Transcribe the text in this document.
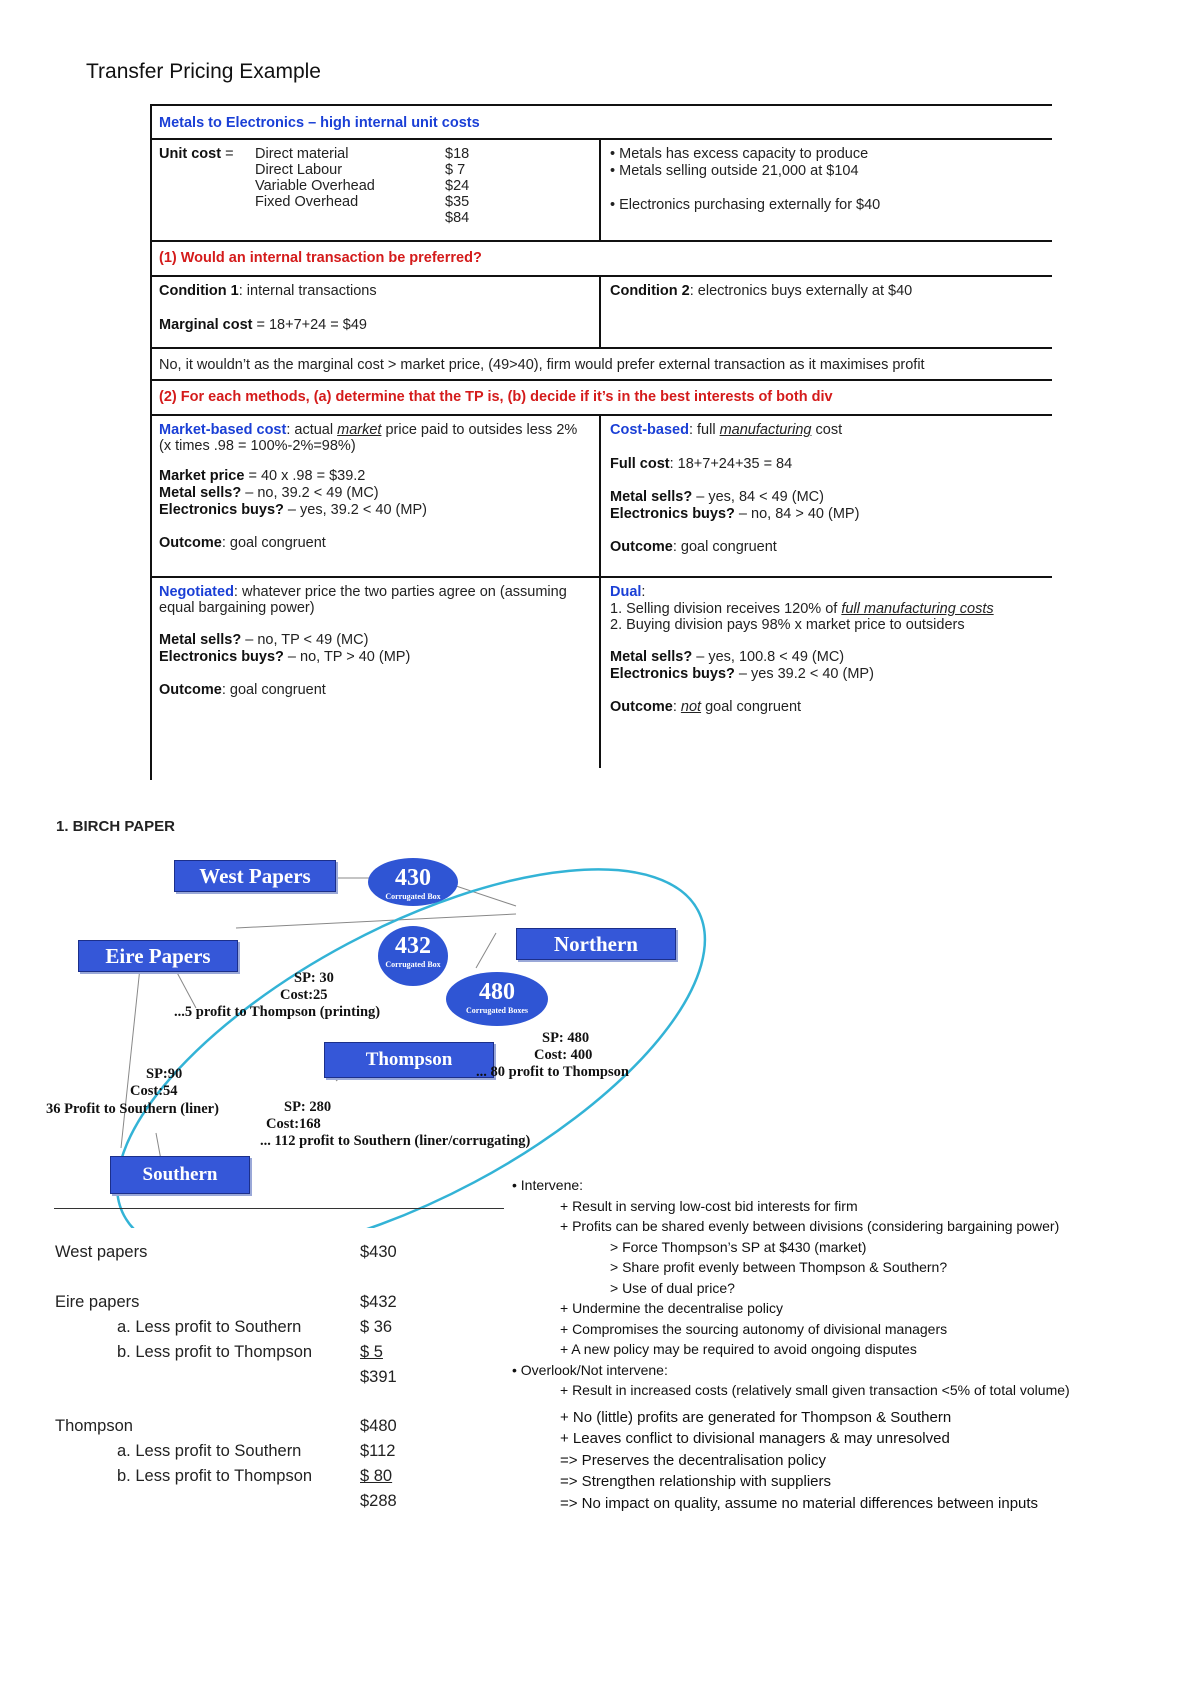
Transfer Pricing Example
Metals to Electronics – high internal unit costs
Unit cost =	Direct material	$18
Direct Labour	$ 7
Variable Overhead	$24
Fixed Overhead	$35
$84
• Metals has excess capacity to produce
• Metals selling outside 21,000 at $104
• Electronics purchasing externally for $40
(1) Would an internal transaction be preferred?
Condition 1: internal transactions
Marginal cost = 18+7+24 = $49
Condition 2: electronics buys externally at $40
No, it wouldn’t as the marginal cost > market price, (49>40), firm would prefer external transaction as it maximises profit
(2) For each methods, (a) determine that the TP is, (b) decide if it’s in the best interests of both div
Market-based cost: actual market price paid to outsides less 2% (x times .98 = 100%-2%=98%)
Market price = 40 x .98 = $39.2
Metal sells? – no, 39.2 < 49 (MC)
Electronics buys? – yes, 39.2 < 40 (MP)
Outcome: goal congruent
Cost-based: full manufacturing cost
Full cost: 18+7+24+35 = 84
Metal sells? – yes, 84 < 49 (MC)
Electronics buys? – no, 84 > 40 (MP)
Outcome: goal congruent
Negotiated: whatever price the two parties agree on (assuming equal bargaining power)
Metal sells? – no, TP < 49 (MC)
Electronics buys? – no, TP > 40 (MP)
Outcome: goal congruent
Dual:
1. Selling division receives 120% of full manufacturing costs
2. Buying division pays 98% x market price to outsiders
Metal sells? – yes, 100.8 < 49 (MC)
Electronics buys? – yes 39.2 < 40 (MP)
Outcome: not goal congruent
1. BIRCH PAPER
West Papers
Eire Papers	Northern
Thompson
Southern
430
Corrugated Box
432
Corrugated Box
480
Corrugated Boxes
SP: 30
Cost:25
...5 profit to Thompson (printing)
SP: 480
Cost: 400
... 80 profit to Thompson
SP:90
Cost:54
36 Profit to Southern (liner)	SP: 280
Cost:168
... 112 profit to Southern (liner/corrugating)
West papers	$430
Eire papers	$432
a. Less profit to Southern	$ 36
b. Less profit to Thompson	$ 5
$391
Thompson	$480
a. Less profit to Southern	$112
b. Less profit to Thompson	$ 80
$288
• Intervene:
+ Result in serving low-cost bid interests for firm
+ Profits can be shared evenly between divisions (considering bargaining power)
> Force Thompson’s SP at $430 (market)
> Share profit evenly between Thompson & Southern?
> Use of dual price?
+ Undermine the decentralise policy
+ Compromises the sourcing autonomy of divisional managers
+ A new policy may be required to avoid ongoing disputes
• Overlook/Not intervene:
+ Result in increased costs (relatively small given transaction <5% of total volume)
+ No (little) profits are generated for Thompson & Southern
+ Leaves conflict to divisional managers & may unresolved
=> Preserves the decentralisation policy
=> Strengthen relationship with suppliers
=> No impact on quality, assume no material differences between inputs
